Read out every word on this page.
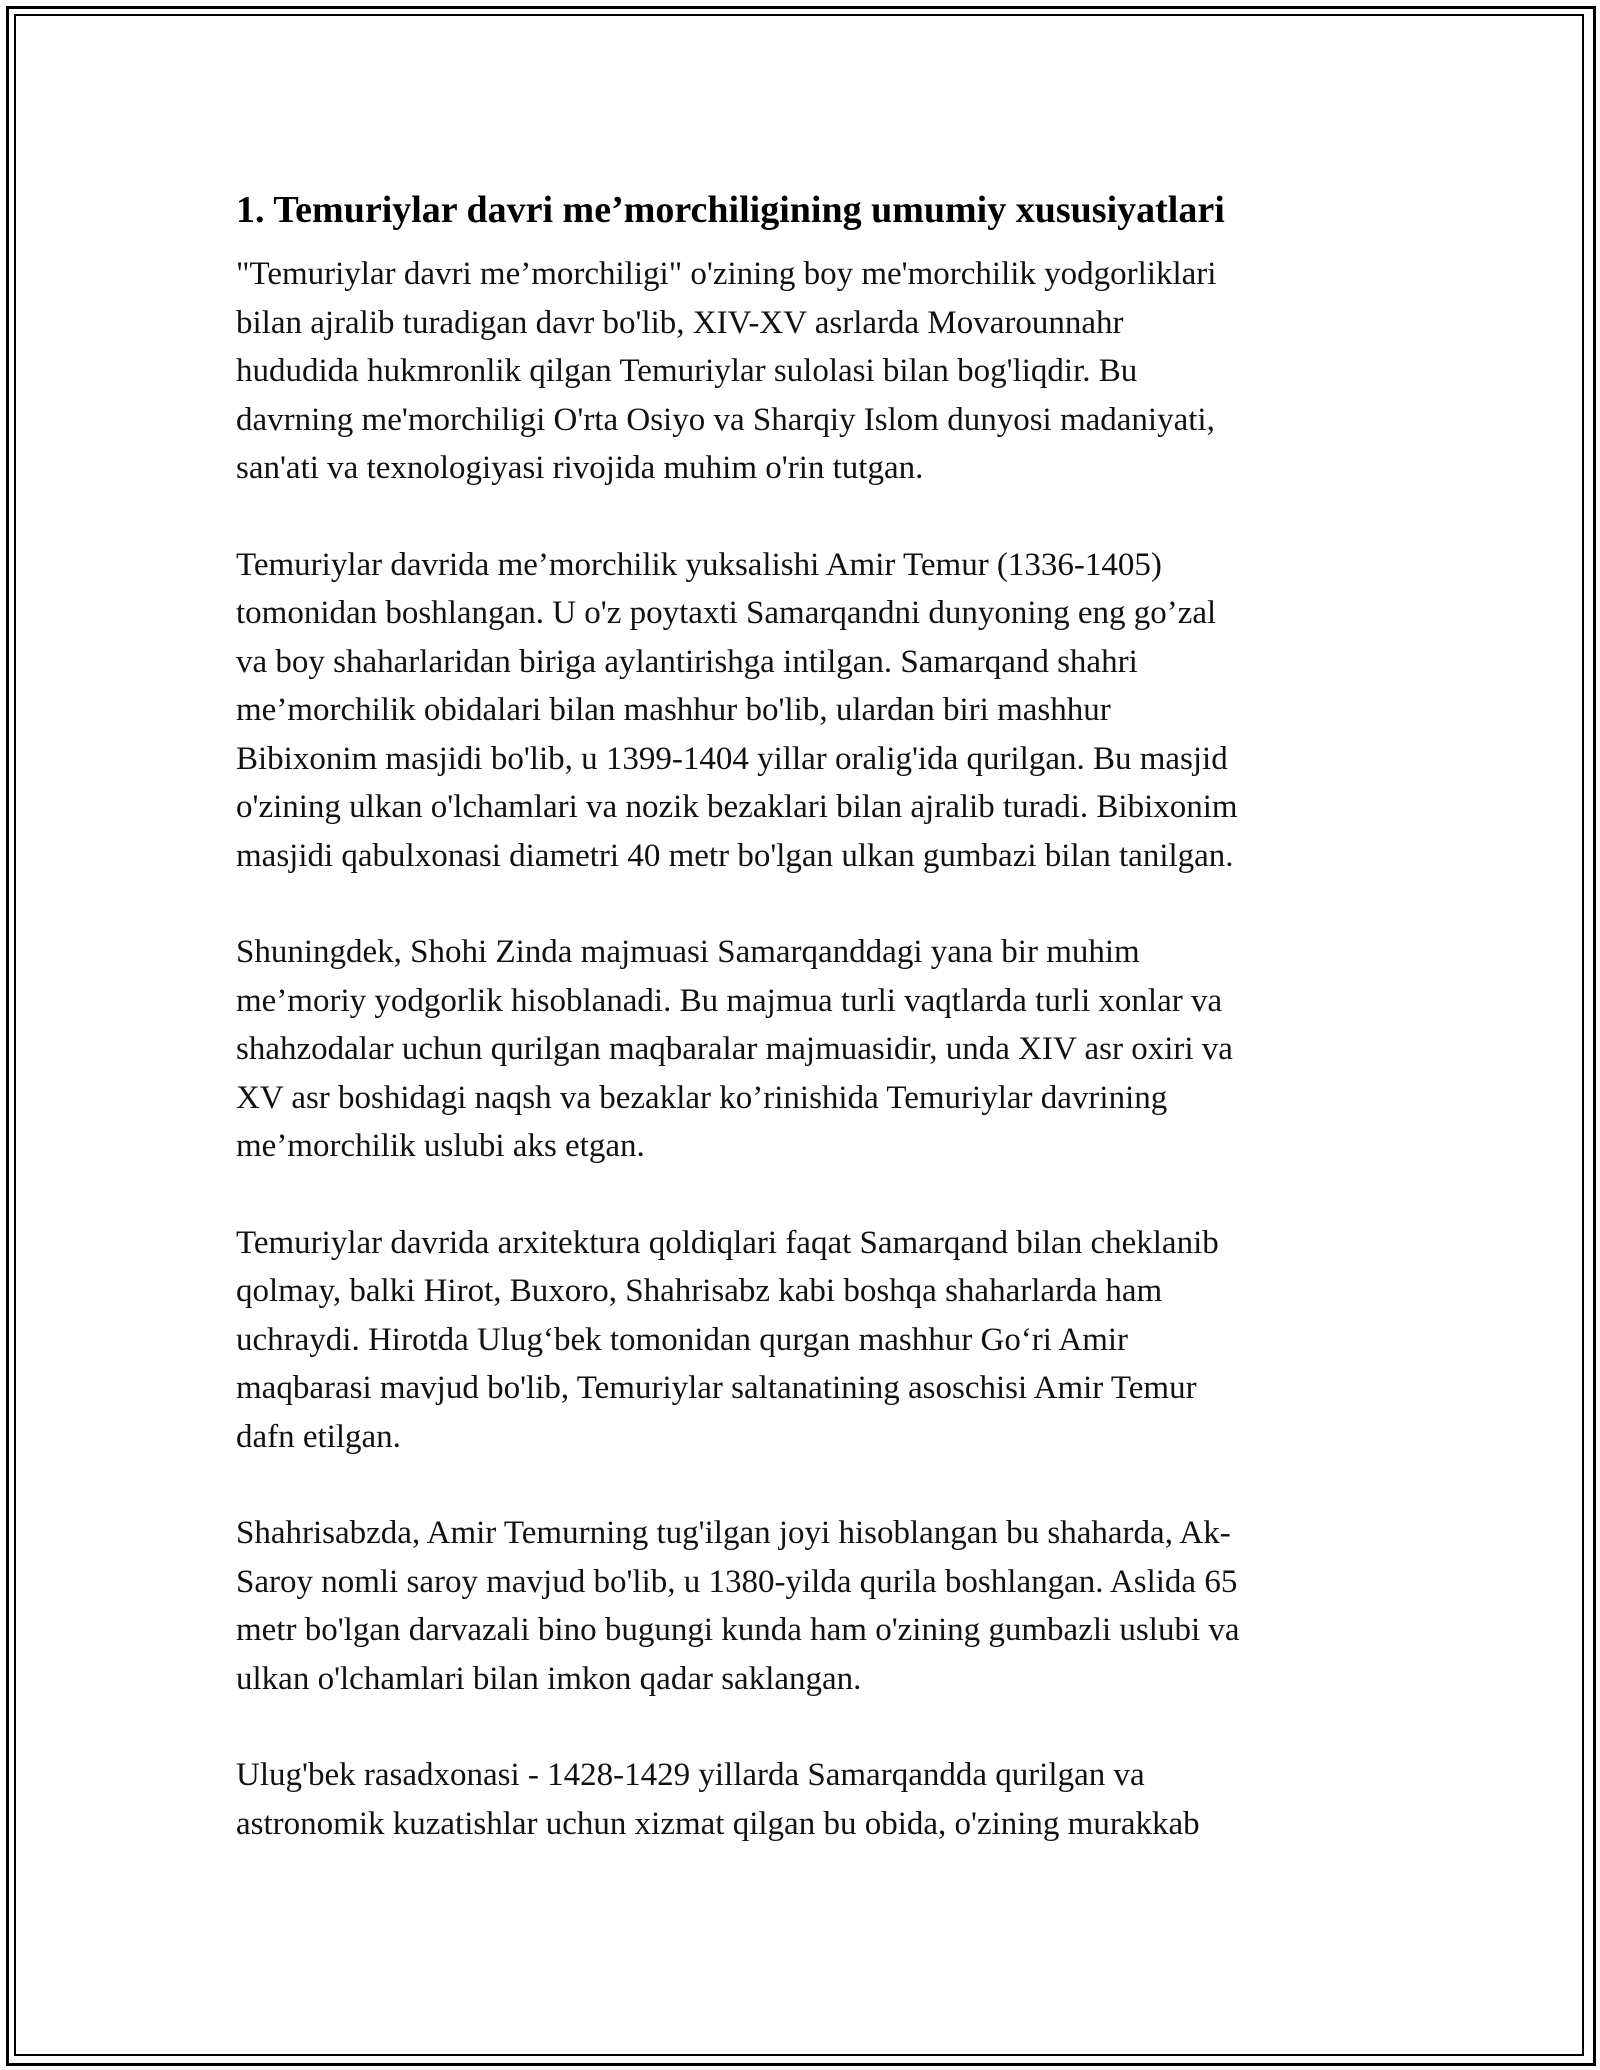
1. Temuriylar davri me’morchiligining umumiy xususiyatlari

"Temuriylar davri me’morchiligi" o'zining boy me'morchilik yodgorliklari
bilan ajralib turadigan davr bo'lib, XIV-XV asrlarda Movarounnahr
hududida hukmronlik qilgan Temuriylar sulolasi bilan bog'liqdir. Bu
davrning me'morchiligi O'rta Osiyo va Sharqiy Islom dunyosi madaniyati,
san'ati va texnologiyasi rivojida muhim o'rin tutgan.

Temuriylar davrida me’morchilik yuksalishi Amir Temur (1336-1405)
tomonidan boshlangan. U o'z poytaxti Samarqandni dunyoning eng go’zal
va boy shaharlaridan biriga aylantirishga intilgan. Samarqand shahri
me’morchilik obidalari bilan mashhur bo'lib, ulardan biri mashhur
Bibixonim masjidi bo'lib, u 1399-1404 yillar oralig'ida qurilgan. Bu masjid
o'zining ulkan o'lchamlari va nozik bezaklari bilan ajralib turadi. Bibixonim
masjidi qabulxonasi diametri 40 metr bo'lgan ulkan gumbazi bilan tanilgan.

Shuningdek, Shohi Zinda majmuasi Samarqanddagi yana bir muhim
me’moriy yodgorlik hisoblanadi. Bu majmua turli vaqtlarda turli xonlar va
shahzodalar uchun qurilgan maqbaralar majmuasidir, unda XIV asr oxiri va
XV asr boshidagi naqsh va bezaklar ko’rinishida Temuriylar davrining
me’morchilik uslubi aks etgan.

Temuriylar davrida arxitektura qoldiqlari faqat Samarqand bilan cheklanib
qolmay, balki Hirot, Buxoro, Shahrisabz kabi boshqa shaharlarda ham
uchraydi. Hirotda Ulug‘bek tomonidan qurgan mashhur Go‘ri Amir
maqbarasi mavjud bo'lib, Temuriylar saltanatining asoschisi Amir Temur
dafn etilgan.

Shahrisabzda, Amir Temurning tug'ilgan joyi hisoblangan bu shaharda, Ak-
Saroy nomli saroy mavjud bo'lib, u 1380-yilda qurila boshlangan. Aslida 65
metr bo'lgan darvazali bino bugungi kunda ham o'zining gumbazli uslubi va
ulkan o'lchamlari bilan imkon qadar saklangan.

Ulug'bek rasadxonasi - 1428-1429 yillarda Samarqandda qurilgan va
astronomik kuzatishlar uchun xizmat qilgan bu obida, o'zining murakkab
